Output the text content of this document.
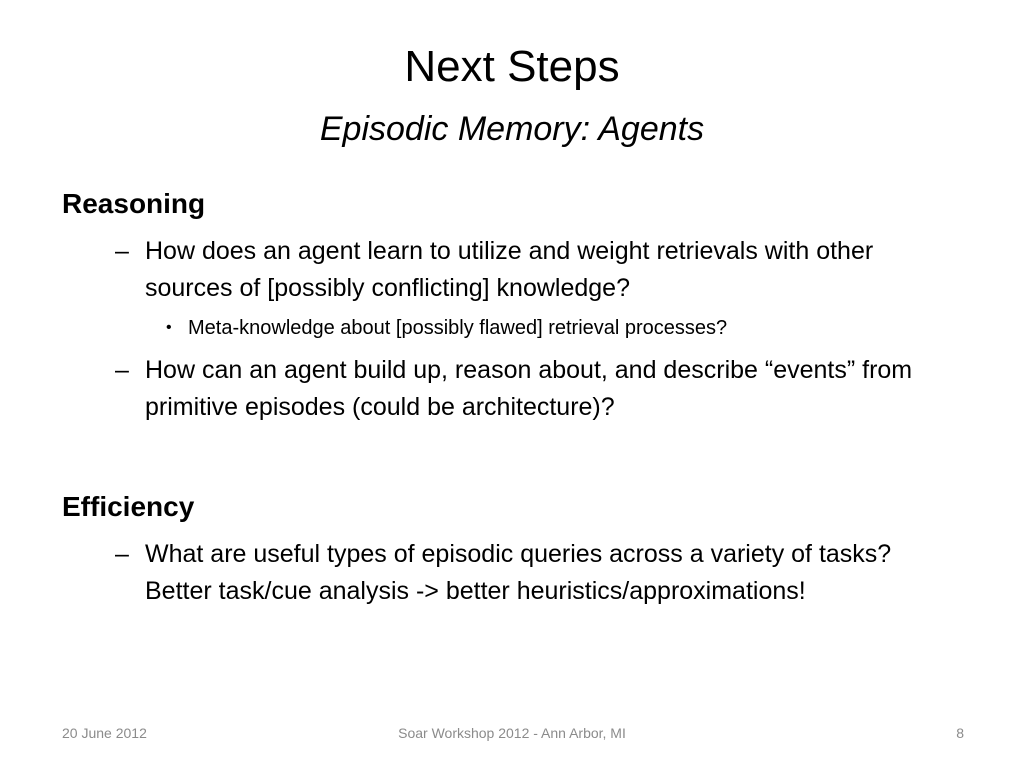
Next Steps
Episodic Memory: Agents
Reasoning
– How does an agent learn to utilize and weight retrievals with other sources of [possibly conflicting] knowledge?
• Meta-knowledge about [possibly flawed] retrieval processes?
– How can an agent build up, reason about, and describe “events” from primitive episodes (could be architecture)?
Efficiency
– What are useful types of episodic queries across a variety of tasks? Better task/cue analysis -> better heuristics/approximations!
20 June 2012	Soar Workshop 2012 - Ann Arbor, MI	8
